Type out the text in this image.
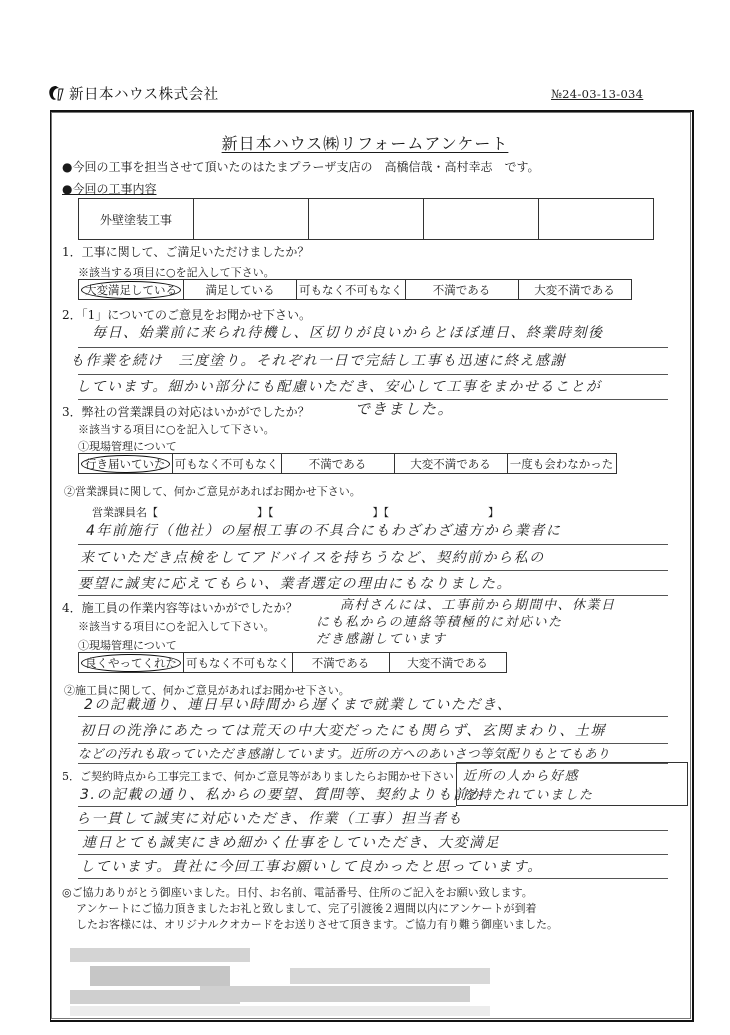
新日本ハウス株式会社	№24-03-13-034
新日本ハウス㈱リフォームアンケート
●今回の工事を担当させて頂いたのはたまプラーザ支店の　高橋信哉・高村幸志　です。
●今回の工事内容
外壁塗装工事				
1．工事に関して、ご満足いただけましたか？
※該当する項目に○を記入して下さい。
大変満足している	満足している	可もなく不可もなく	不満である	大変不満である
2．「1」についてのご意見をお聞かせ下さい。
毎日、始業前に来られ待機し、区切りが良いからとほぼ連日、終業時刻後
も作業を続け　三度塗り。それぞれ一日で完結し工事も迅速に終え感謝
しています。細かい部分にも配慮いただき、安心して工事をまかせることが
3．弊社の営業課員の対応はいかがでしたか？	できました。
※該当する項目に○を記入して下さい。
①現場管理について
行き届いていた	可もなく不可もなく	不満である	大変不満である	一度も会わなかった
②営業課員に関して、何かご意見があればお聞かせ下さい。
営業課員名【　　　　　　　　　】【　　　　　　　　　】【　　　　　　　　　】
4年前施行（他社）の屋根工事の不具合にもわざわざ遠方から業者に
来ていただき点検をしてアドバイスを持ちうなど、契約前から私の
要望に誠実に応えてもらい、業者選定の理由にもなりました。
4．施工員の作業内容等はいかがでしたか？	高村さんには、工事前から期間中、休業日
にも私からの連絡等積極的に対応いた
だき感謝しています
※該当する項目に○を記入して下さい。
①現場管理について
良くやってくれた	可もなく不可もなく	不満である	大変不満である
②施工員に関して、何かご意見があればお聞かせ下さい。
2の記載通り、連日早い時間から遅くまで就業していただき、
初日の洗浄にあたっては荒天の中大変だったにも関らず、玄関まわり、土塀
などの汚れも取っていただき感謝しています。近所の方へのあいさつ等気配りもとてもあり
5．ご契約時点から工事完工まで、何かご意見等がありましたらお聞かせ下さい 近所の人から好感
を持たれていました
3.の記載の通り、私からの要望、質問等、契約よりも前か
ら一貫して誠実に対応いただき、作業（工事）担当者も
連日とても誠実にきめ細かく仕事をしていただき、大変満足
しています。貴社に今回工事お願いして良かったと思っています。
◎ご協力ありがとう御座いました。日付、お名前、電話番号、住所のご記入をお願い致します。
アンケートにご協力頂きましたお礼と致しまして、完了引渡後２週間以内にアンケートが到着
したお客様には、オリジナルクオカードをお送りさせて頂きます。ご協力有り難う御座いました。
